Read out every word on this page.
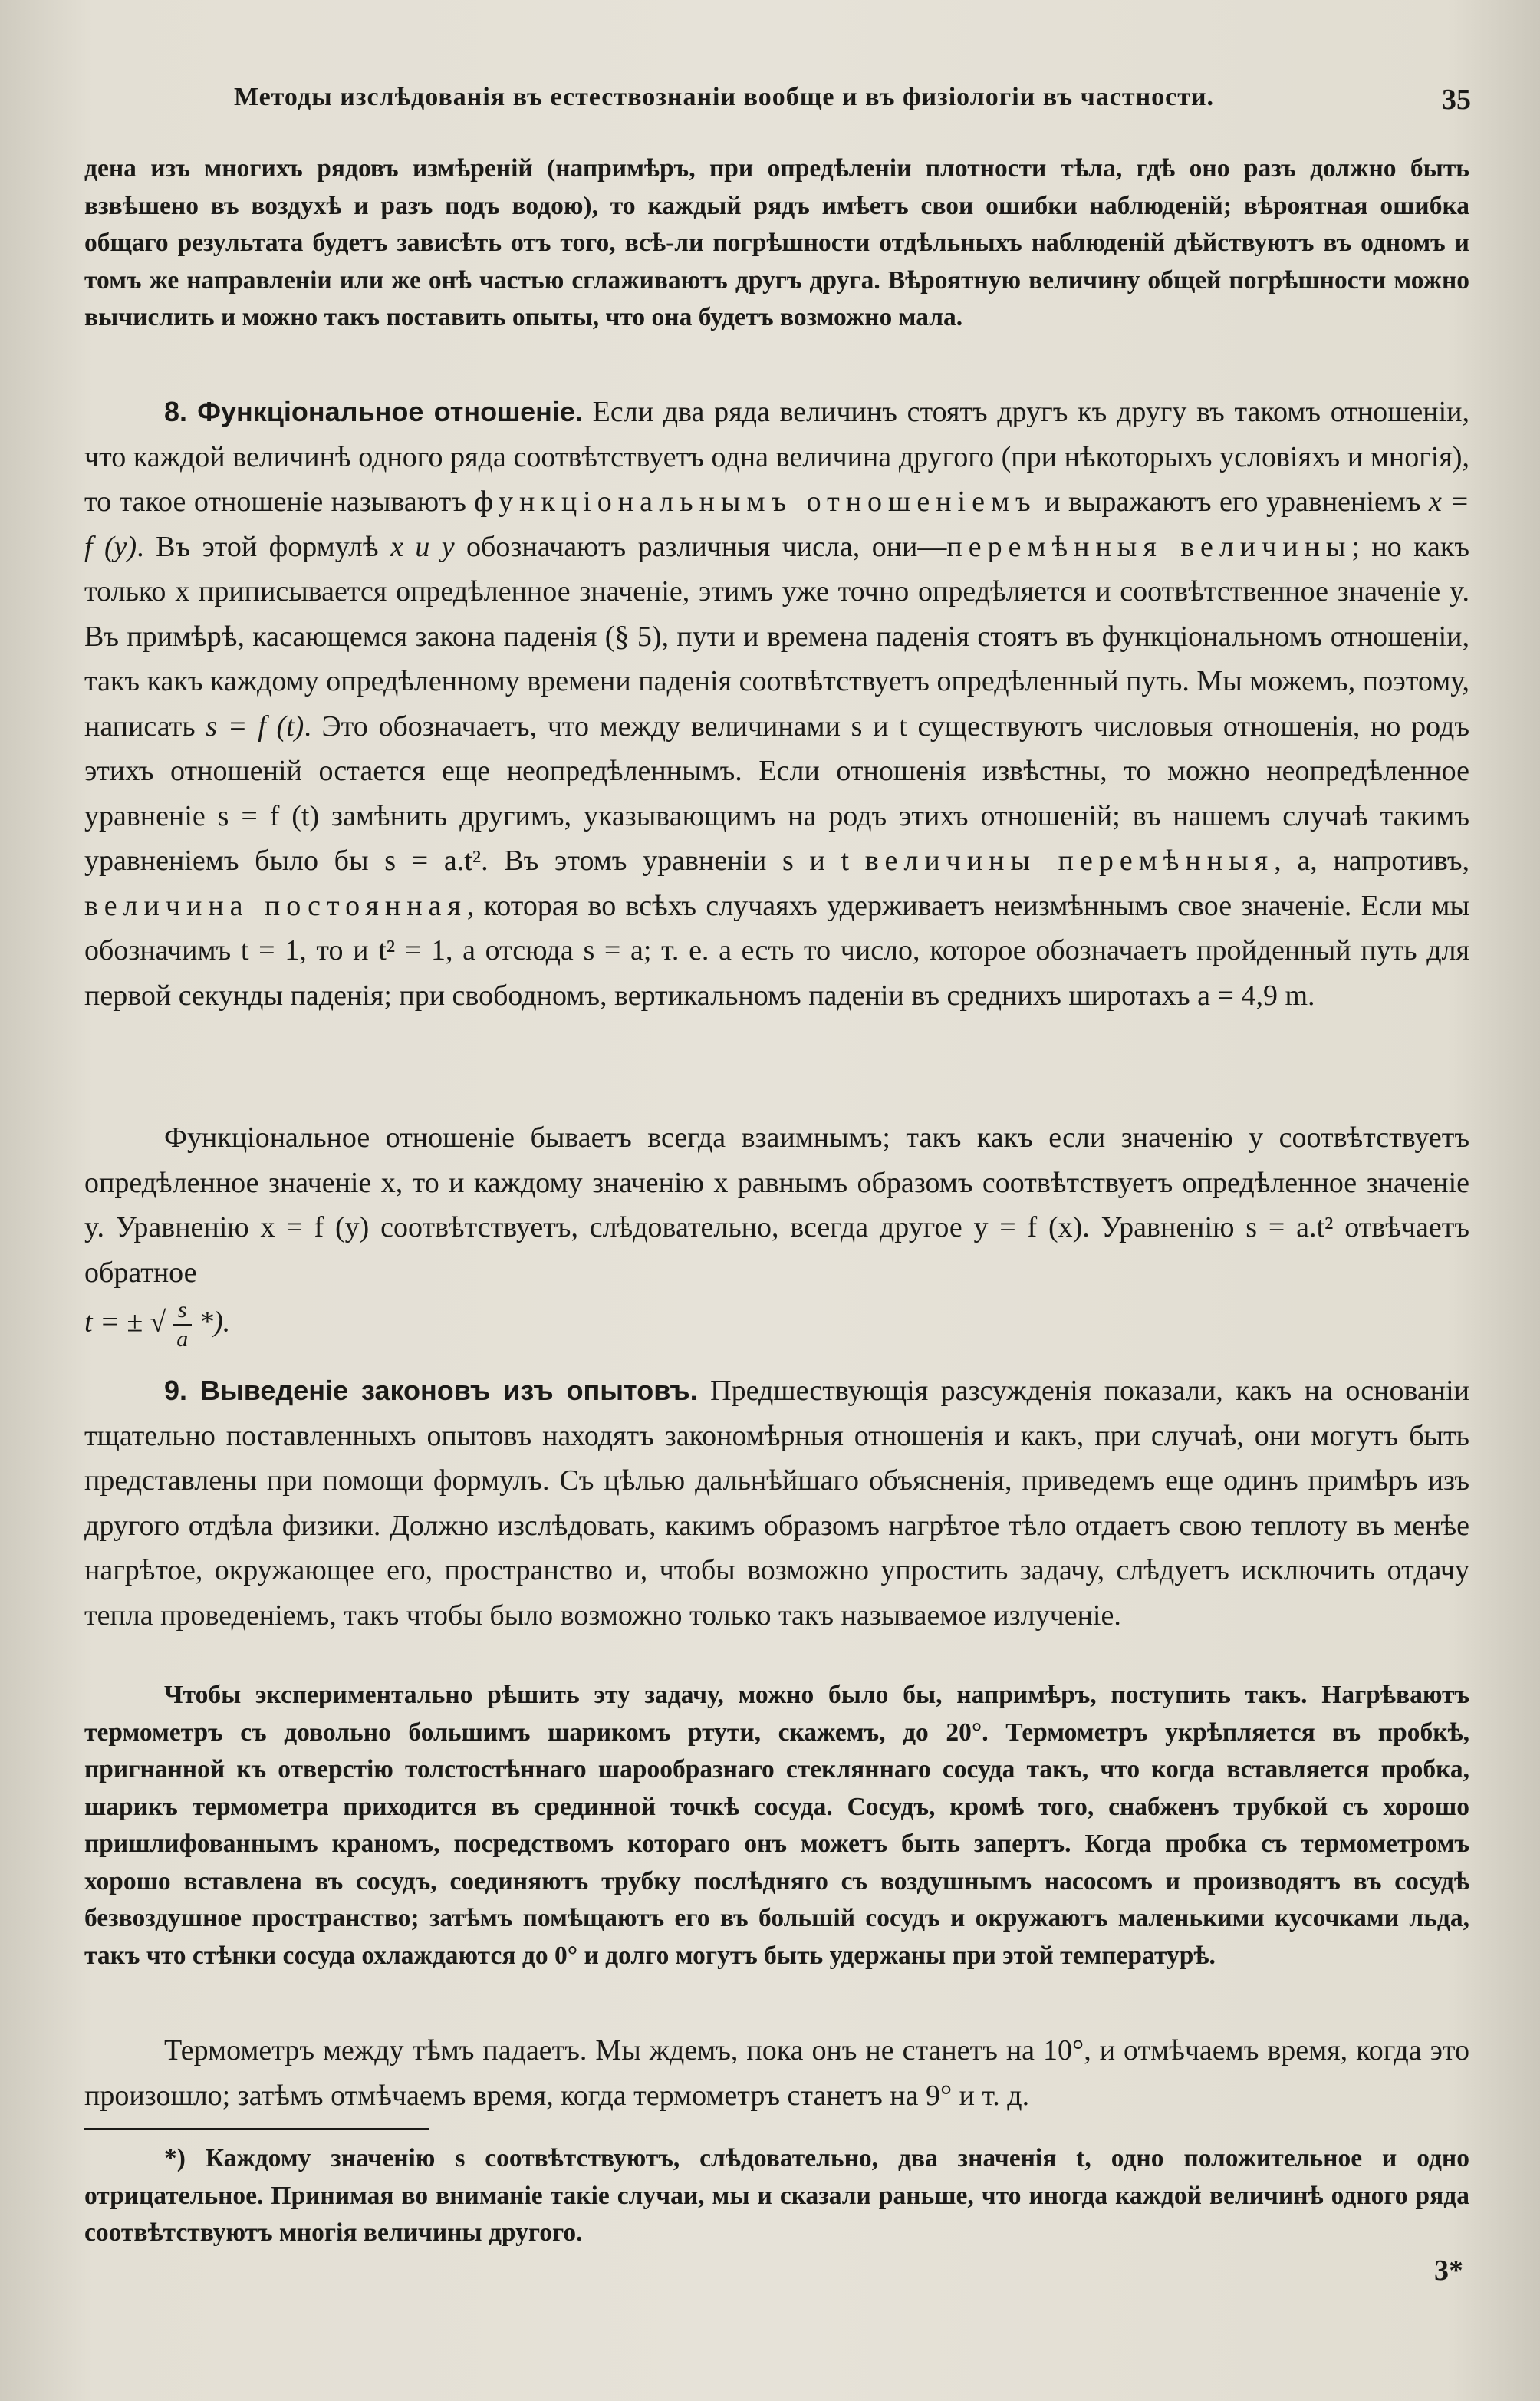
Методы изслѣдованія въ естествознаніи вообще и въ физіологіи въ частности.	35
дена изъ многихъ рядовъ измѣреній (напримѣръ, при опредѣленіи плотности тѣла, гдѣ оно разъ должно быть взвѣшено въ воздухѣ и разъ подъ водою), то каждый рядъ имѣетъ свои ошибки наблюденій; вѣроятная ошибка общаго результата будетъ зависѣть отъ того, всѣ-ли погрѣшности отдѣльныхъ наблюденій дѣйствуютъ въ одномъ и томъ же направленіи или же онѣ частью сглаживаютъ другъ друга. Вѣроятную величину общей погрѣшности можно вычислить и можно такъ поставить опыты, что она будетъ возможно мала.
8. Функціональное отношеніе. Если два ряда величинъ стоятъ другъ къ другу въ такомъ отношеніи, что каждой величинѣ одного ряда соотвѣтствуетъ одна величина другого (при нѣкоторыхъ условіяхъ и многія), то такое отношеніе называютъ функціональнымъ отношеніемъ и выражаютъ его уравненіемъ x = f (y). Въ этой формулѣ x и y обозначаютъ различныя числа, они—перемѣнныя величины; но какъ только x приписывается опредѣленное значеніе, этимъ уже точно опредѣляется и соотвѣтственное значеніе y. Въ примѣрѣ, касающемся закона паденія (§ 5), пути и времена паденія стоятъ въ функціональномъ отношеніи, такъ какъ каждому опредѣленному времени паденія соотвѣтствуетъ опредѣленный путь. Мы можемъ, поэтому, написать s = f (t). Это обозначаетъ, что между величинами s и t существуютъ числовыя отношенія, но родъ этихъ отношеній остается еще неопредѣленнымъ. Если отношенія извѣстны, то можно неопредѣленное уравненіе s = f (t) замѣнить другимъ, указывающимъ на родъ этихъ отношеній; въ нашемъ случаѣ такимъ уравненіемъ было бы s = a.t². Въ этомъ уравненіи s и t величины перемѣнныя, a, напротивъ, величина постоянная, которая во всѣхъ случаяхъ удерживаетъ неизмѣннымъ свое значеніе. Если мы обозначимъ t = 1, то и t² = 1, а отсюда s = a; т. е. a есть то число, которое обозначаетъ пройденный путь для первой секунды паденія; при свободномъ, вертикальномъ паденіи въ среднихъ широтахъ a = 4,9 m.
Функціональное отношеніе бываетъ всегда взаимнымъ; такъ какъ если значенію y соотвѣтствуетъ опредѣленное значеніе x, то и каждому значенію x равнымъ образомъ соотвѣтствуетъ опредѣленное значеніе y. Уравненію x = f (y) соотвѣтствуетъ, слѣдовательно, всегда другое y = f (x). Уравненію s = a.t² отвѣчаетъ обратное
t = ± √ $\frac{s}{a}$ *).
9. Выведеніе законовъ изъ опытовъ. Предшествующія разсужденія показали, какъ на основаніи тщательно поставленныхъ опытовъ находятъ закономѣрныя отношенія и какъ, при случаѣ, они могутъ быть представлены при помощи формулъ. Съ цѣлью дальнѣйшаго объясненія, приведемъ еще одинъ примѣръ изъ другого отдѣла физики. Должно изслѣдовать, какимъ образомъ нагрѣтое тѣло отдаетъ свою теплоту въ менѣе нагрѣтое, окружающее его, пространство и, чтобы возможно упростить задачу, слѣдуетъ исключить отдачу тепла проведеніемъ, такъ чтобы было возможно только такъ называемое излученіе.
Чтобы экспериментально рѣшить эту задачу, можно было бы, напримѣръ, поступить такъ. Нагрѣваютъ термометръ съ довольно большимъ шарикомъ ртути, скажемъ, до 20°. Термометръ укрѣпляется въ пробкѣ, пригнанной къ отверстію толстостѣннаго шарообразнаго стекляннаго сосуда такъ, что когда вставляется пробка, шарикъ термометра приходится въ срединной точкѣ сосуда. Сосудъ, кромѣ того, снабженъ трубкой съ хорошо пришлифованнымъ краномъ, посредствомъ котораго онъ можетъ быть запертъ. Когда пробка съ термометромъ хорошо вставлена въ сосудъ, соединяютъ трубку послѣдняго съ воздушнымъ насосомъ и производятъ въ сосудѣ безвоздушное пространство; затѣмъ помѣщаютъ его въ большій сосудъ и окружаютъ маленькими кусочками льда, такъ что стѣнки сосуда охлаждаются до 0° и долго могутъ быть удержаны при этой температурѣ.
Термометръ между тѣмъ падаетъ. Мы ждемъ, пока онъ не станетъ на 10°, и отмѣчаемъ время, когда это произошло; затѣмъ отмѣчаемъ время, когда термометръ станетъ на 9° и т. д.
*) Каждому значенію s соотвѣтствуютъ, слѣдовательно, два значенія t, одно положительное и одно отрицательное. Принимая во вниманіе такіе случаи, мы и сказали раньше, что иногда каждой величинѣ одного ряда соотвѣтствуютъ многія величины другого.
3*
